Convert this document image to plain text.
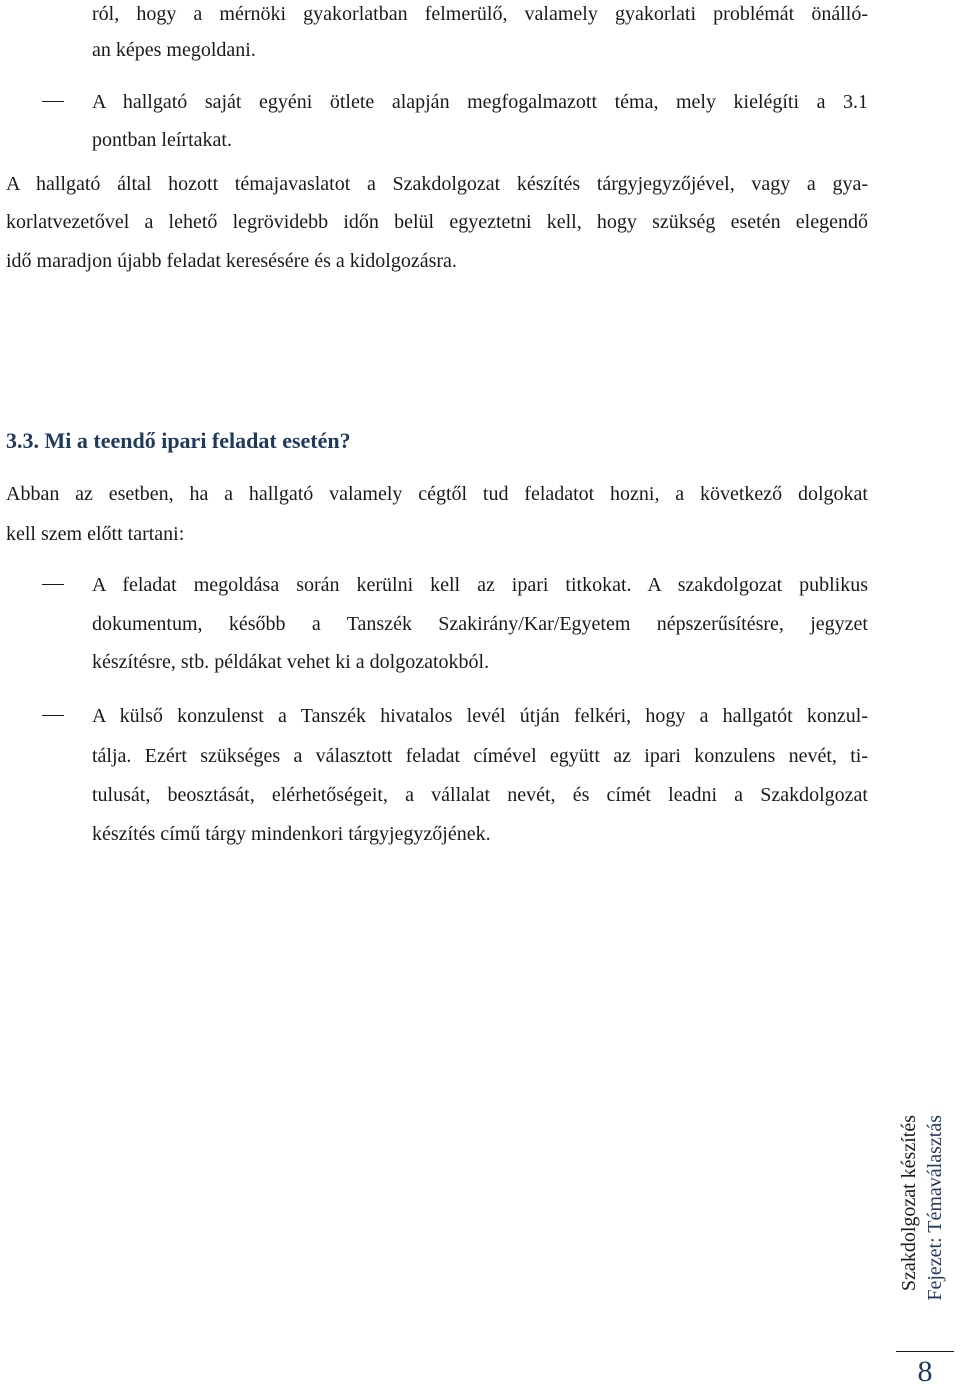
ról, hogy a mérnöki gyakorlatban felmerülő, valamely gyakorlati problémát önálló-

an képes megoldani.

A hallgató saját egyéni ötlete alapján megfogalmazott téma, mely kielégíti a 3.1

pontban leírtakat.

A hallgató által hozott témajavaslatot a Szakdolgozat készítés tárgyjegyzőjével, vagy a gya-

korlatvezetővel a lehető legrövidebb időn belül egyeztetni kell, hogy szükség esetén elegendő

idő maradjon újabb feladat keresésére és a kidolgozásra.

3.3. Mi a teendő ipari feladat esetén?

Abban az esetben, ha a hallgató valamely cégtől tud feladatot hozni, a következő dolgokat

kell szem előtt tartani:

A feladat megoldása során kerülni kell az ipari titkokat. A szakdolgozat publikus

dokumentum, később a Tanszék Szakirány/Kar/Egyetem népszerűsítésre, jegyzet

készítésre, stb. példákat vehet ki a dolgozatokból.

A külső konzulenst a Tanszék hivatalos levél útján felkéri, hogy a hallgatót konzul-

tálja. Ezért szükséges a választott feladat címével együtt az ipari konzulens nevét, ti-

tulusát, beosztását, elérhetőségeit, a vállalat nevét, és címét leadni a Szakdolgozat

készítés című tárgy mindenkori tárgyjegyzőjének.

Szakdolgozat készítés Fejezet: Témaválasztás

8
